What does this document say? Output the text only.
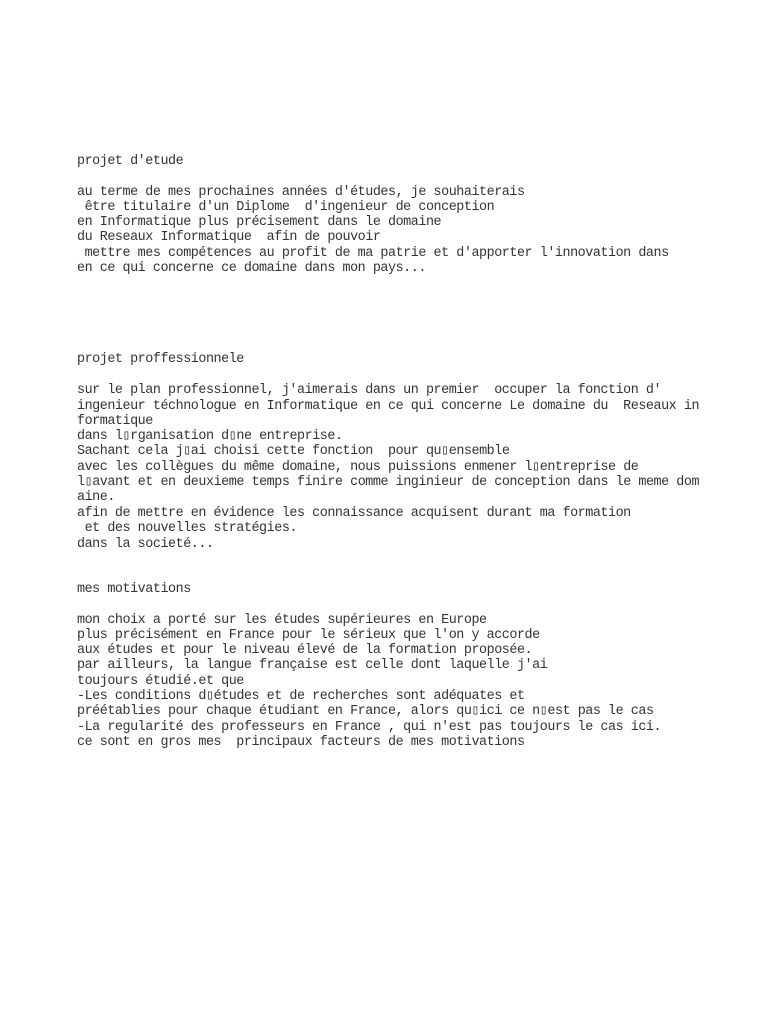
projet d'etude
au terme de mes prochaines années d'études, je souhaiterais
être titulaire d'un Diplome  d'ingenieur de conception
en Informatique plus précisement dans le domaine
du Reseaux Informatique  afin de pouvoir
mettre mes compétences au profit de ma patrie et d'apporter l'innovation dans
en ce qui concerne ce domaine dans mon pays...
projet proffessionnele
sur le plan professionnel, j'aimerais dans un premier  occuper la fonction d'
ingenieur téchnologue en Informatique en ce qui concerne Le domaine du  Reseaux in
formatique
dans l▯rganisation d▯ne entreprise.
Sachant cela j▯ai choisi cette fonction  pour qu▯ensemble
avec les collègues du même domaine, nous puissions enmener l▯entreprise de
l▯avant et en deuxieme temps finire comme inginieur de conception dans le meme dom
aine.
afin de mettre en évidence les connaissance acquisent durant ma formation
et des nouvelles stratégies.
dans la societé...
mes motivations
mon choix a porté sur les études supérieures en Europe
plus précisément en France pour le sérieux que l'on y accorde
aux études et pour le niveau élevé de la formation proposée.
par ailleurs, la langue française est celle dont laquelle j'ai
toujours étudié.et que
-Les conditions d▯études et de recherches sont adéquates et
préétablies pour chaque étudiant en France, alors qu▯ici ce n▯est pas le cas
-La regularité des professeurs en France , qui n'est pas toujours le cas ici.
ce sont en gros mes  principaux facteurs de mes motivations
